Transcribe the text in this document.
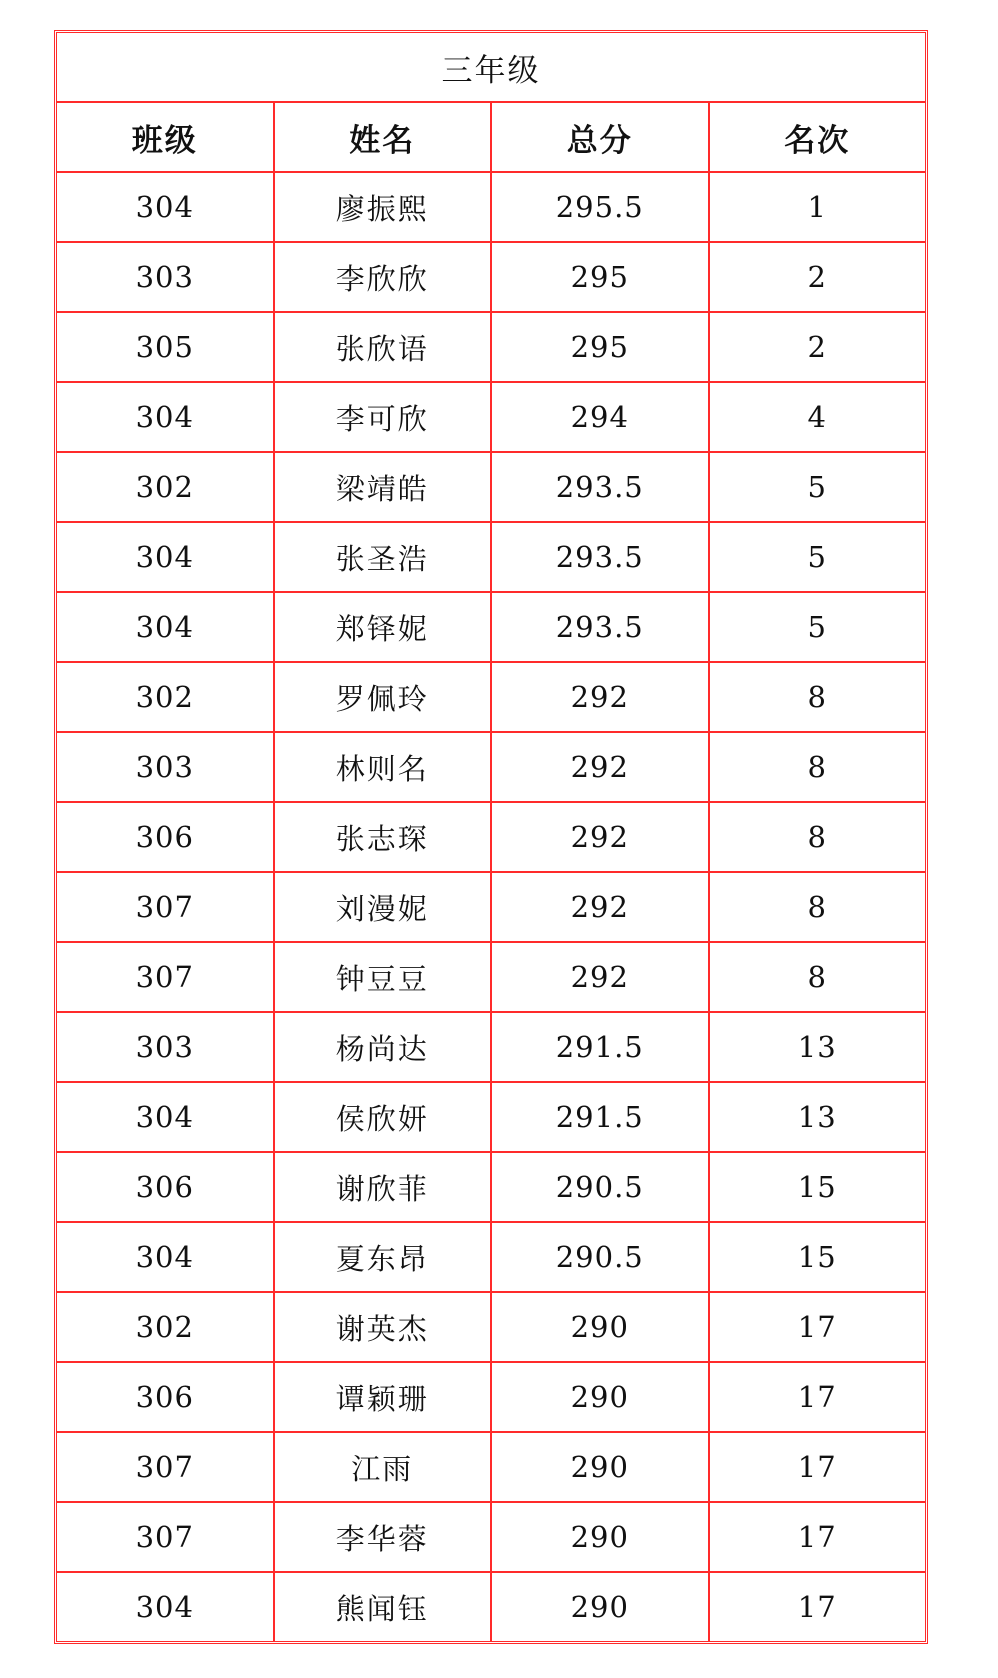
三年级			
班级	姓名	总分	名次
304	廖振熙	295.5	1
303	李欣欣	295	2
305	张欣语	295	2
304	李可欣	294	4
302	梁靖皓	293.5	5
304	张圣浩	293.5	5
304	郑铎妮	293.5	5
302	罗佩玲	292	8
303	林则名	292	8
306	张志琛	292	8
307	刘漫妮	292	8
307	钟豆豆	292	8
303	杨尚达	291.5	13
304	侯欣妍	291.5	13
306	谢欣菲	290.5	15
304	夏东昂	290.5	15
302	谢英杰	290	17
306	谭颖珊	290	17
307	江雨	290	17
307	李华蓉	290	17
304	熊闻钰	290	17
